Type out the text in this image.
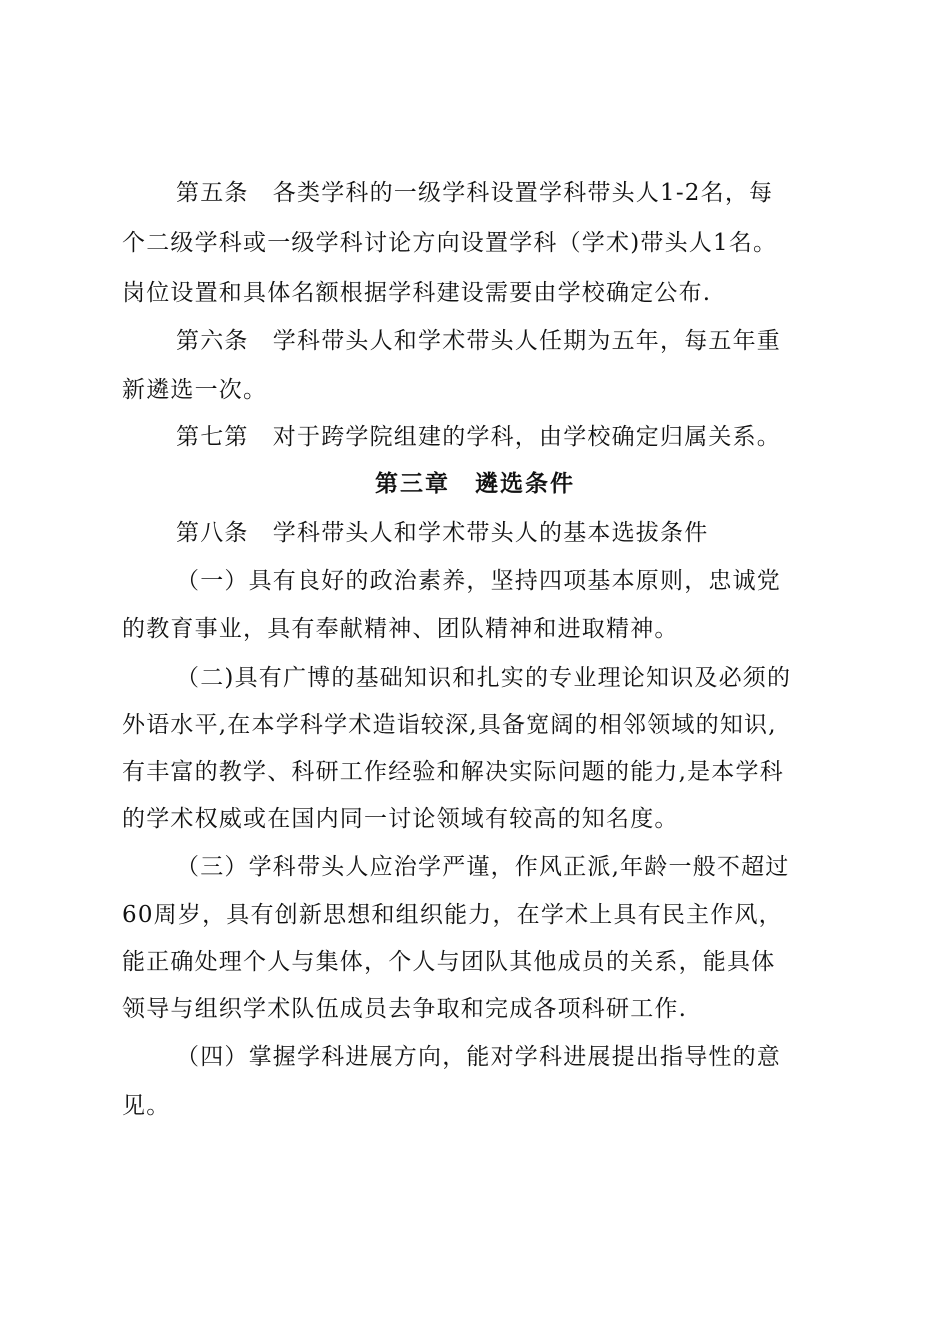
第五条　各类学科的一级学科设置学科带头人1-2名，每
个二级学科或一级学科讨论方向设置学科（学术)带头人1名。
岗位设置和具体名额根据学科建设需要由学校确定公布.
第六条　学科带头人和学术带头人任期为五年，每五年重
新遴选一次。
第七第　对于跨学院组建的学科，由学校确定归属关系。
第三章　遴选条件
第八条　学科带头人和学术带头人的基本选拔条件
（一）具有良好的政治素养，坚持四项基本原则，忠诚党
的教育事业，具有奉献精神、团队精神和进取精神。
（二)具有广博的基础知识和扎实的专业理论知识及必须的
外语水平,在本学科学术造诣较深,具备宽阔的相邻领域的知识,
有丰富的教学、科研工作经验和解决实际问题的能力,是本学科
的学术权威或在国内同一讨论领域有较高的知名度。
（三）学科带头人应治学严谨，作风正派,年龄一般不超过
60周岁，具有创新思想和组织能力，在学术上具有民主作风，
能正确处理个人与集体，个人与团队其他成员的关系，能具体
领导与组织学术队伍成员去争取和完成各项科研工作.
（四）掌握学科进展方向，能对学科进展提出指导性的意
见。
